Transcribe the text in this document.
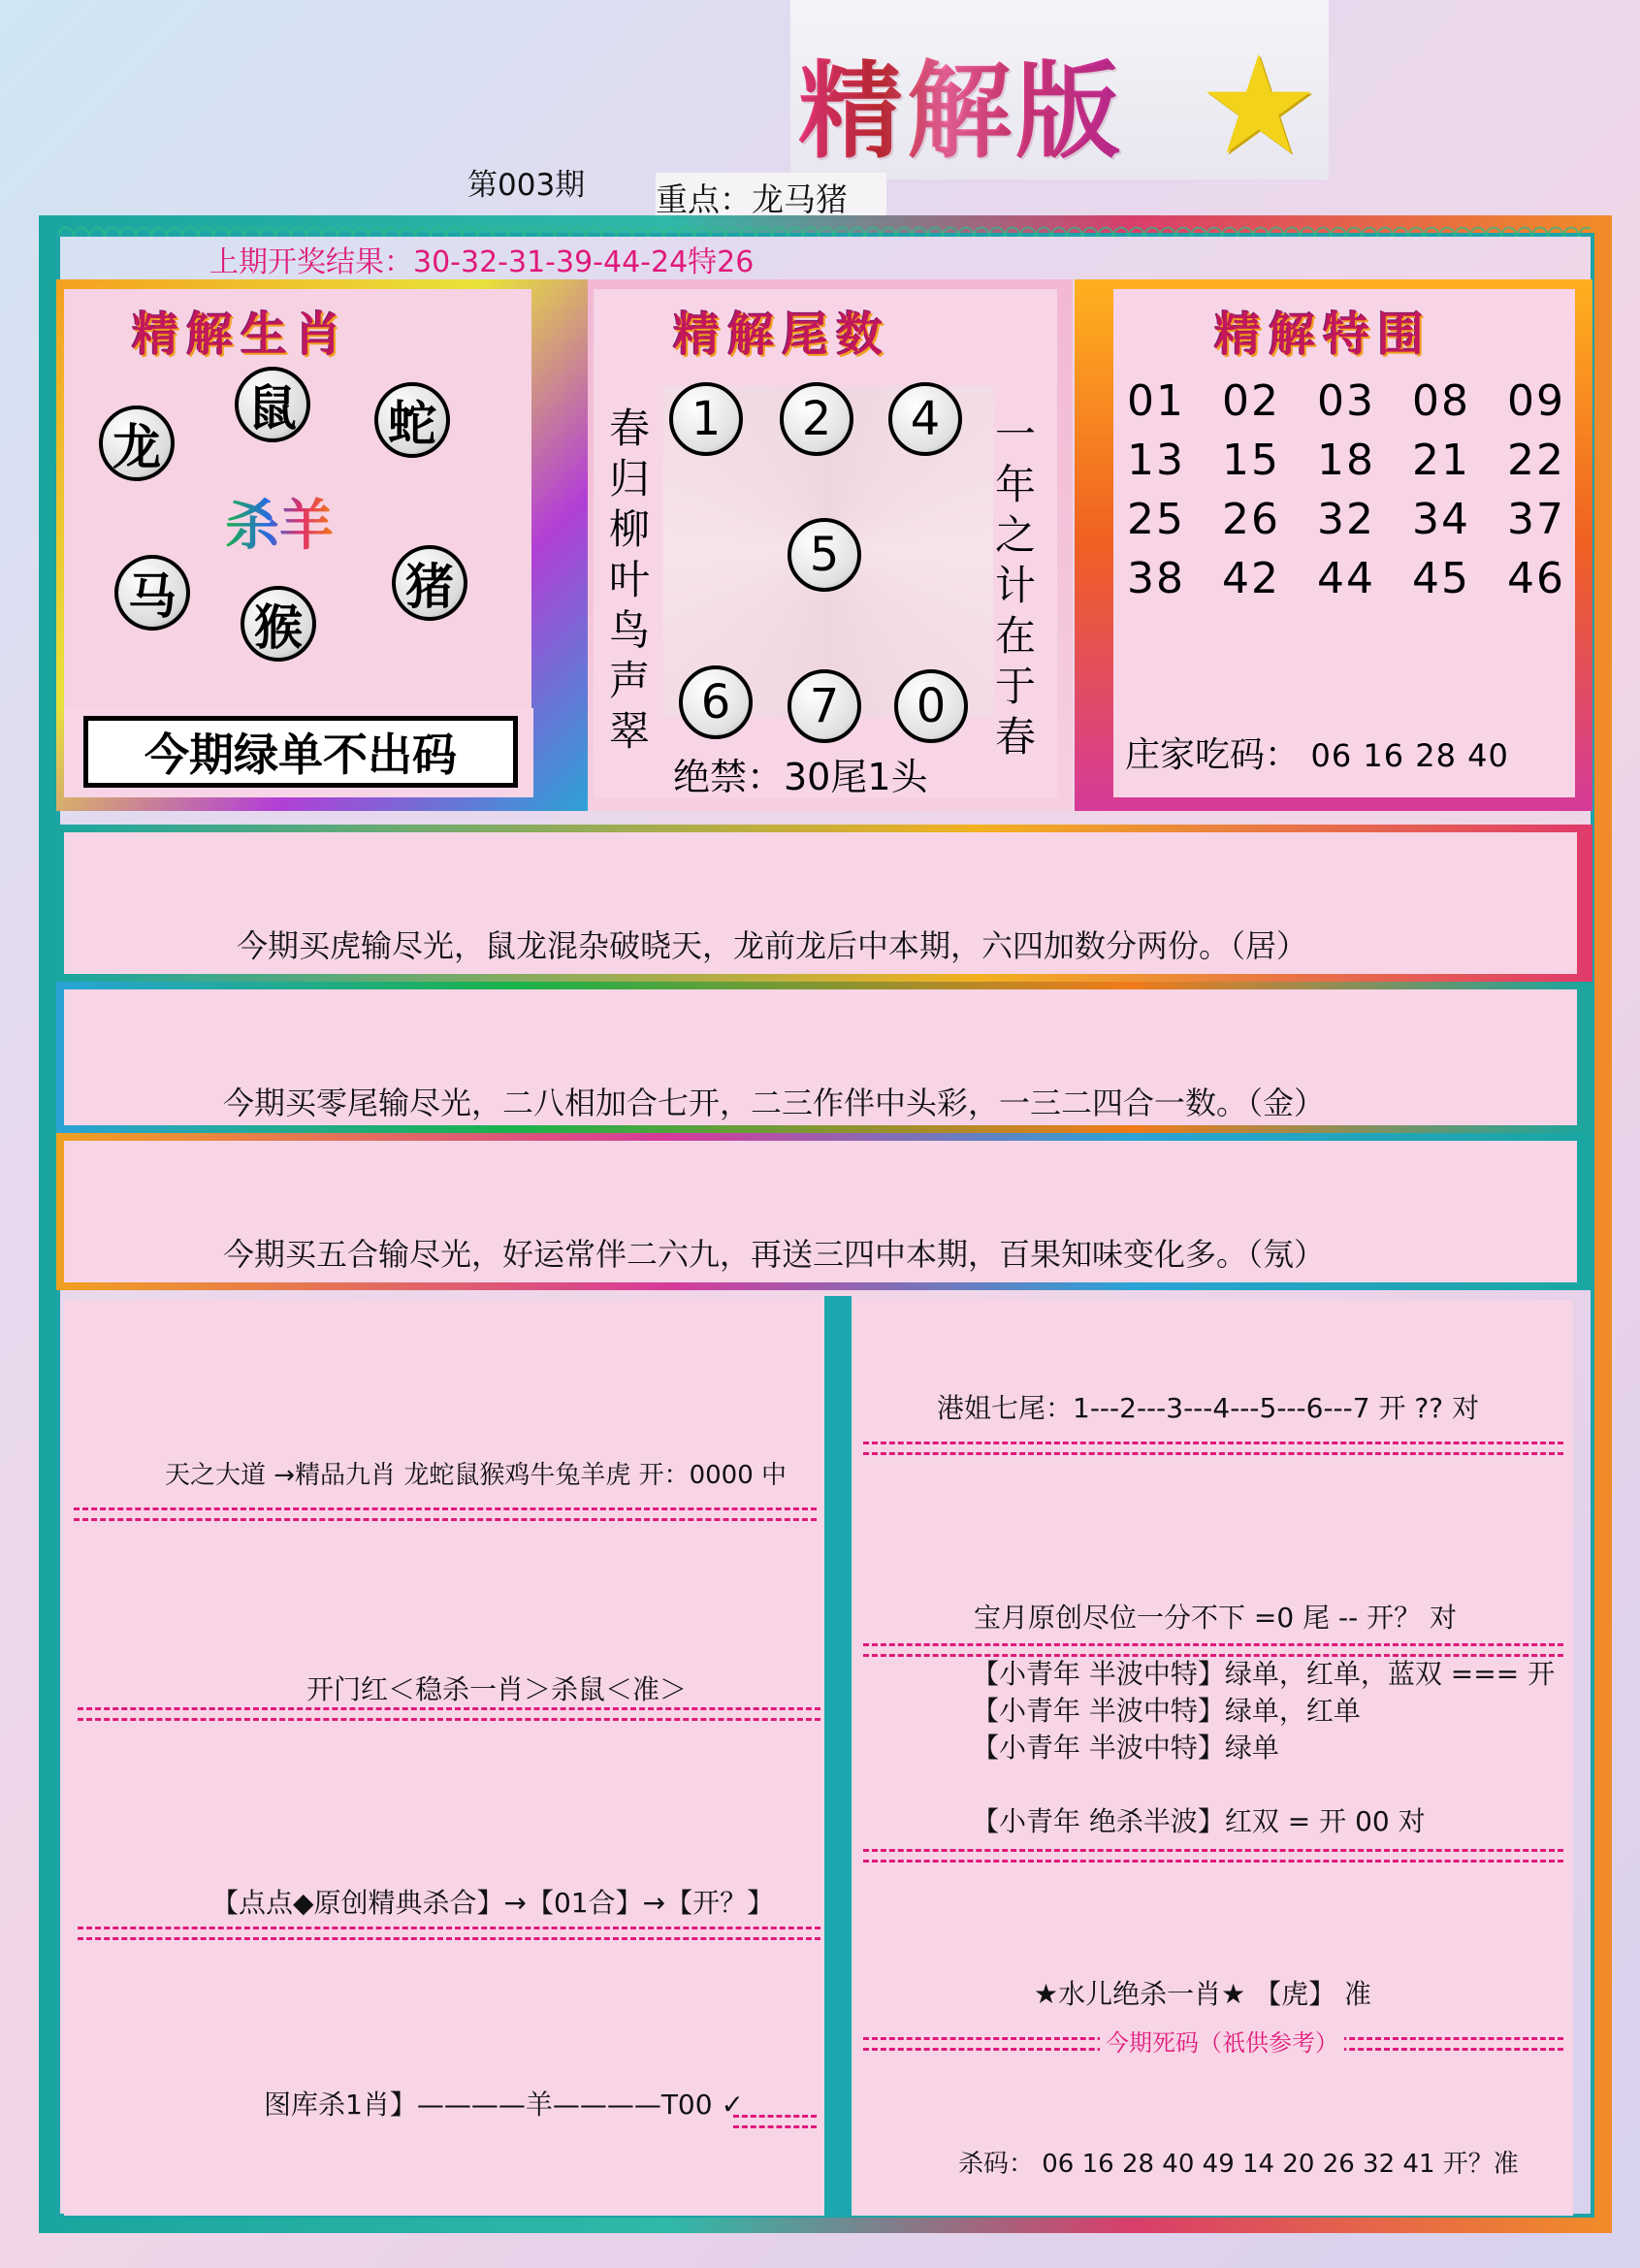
精解版 ★
第003期 重点：龙马猪
上期开奖结果：30-32-31-39-44-24特26
精解生肖
龙
鼠 蛇
杀羊
马
猴
猪
今期绿单不出码
精解尾数
春归柳叶鸟声翠
一年之计在于春
1	2	4
5
6	7	0
绝禁：30尾1头
精解特围
01 02 03 08 09
13 15 18 21 22
25 26 32 34 37
38 42 44 45 46
庄家吃码： 06 16 28 40
今期买虎输尽光，鼠龙混杂破晓天，龙前龙后中本期，六四加数分两份。（居）
今期买零尾输尽光，二八相加合七开，二三作伴中头彩，一三二四合一数。（金）
今期买五合输尽光，好运常伴二六九，再送三四中本期，百果知味变化多。（氖）
天之大道 →精品九肖 龙蛇鼠猴鸡牛兔羊虎 开：0000 中
开门红＜稳杀一肖＞杀鼠＜准＞
【点点◆原创精典杀合】→【01合】→【开？】
图库杀1肖】————羊————T00 ✓
港姐七尾：1---2---3---4---5---6---7 开 ?? 对
宝月原创尽位一分不下 =0 尾 -- 开？ 对
【小青年 半波中特】绿单，红单，蓝双 === 开
【小青年 半波中特】绿单，红单
【小青年 半波中特】绿单
【小青年 绝杀半波】红双 = 开 00 对
★水儿绝杀一肖★ 【虎】 准
今期死码（祇供参考）
杀码： 06 16 28 40 49 14 20 26 32 41 开？准
